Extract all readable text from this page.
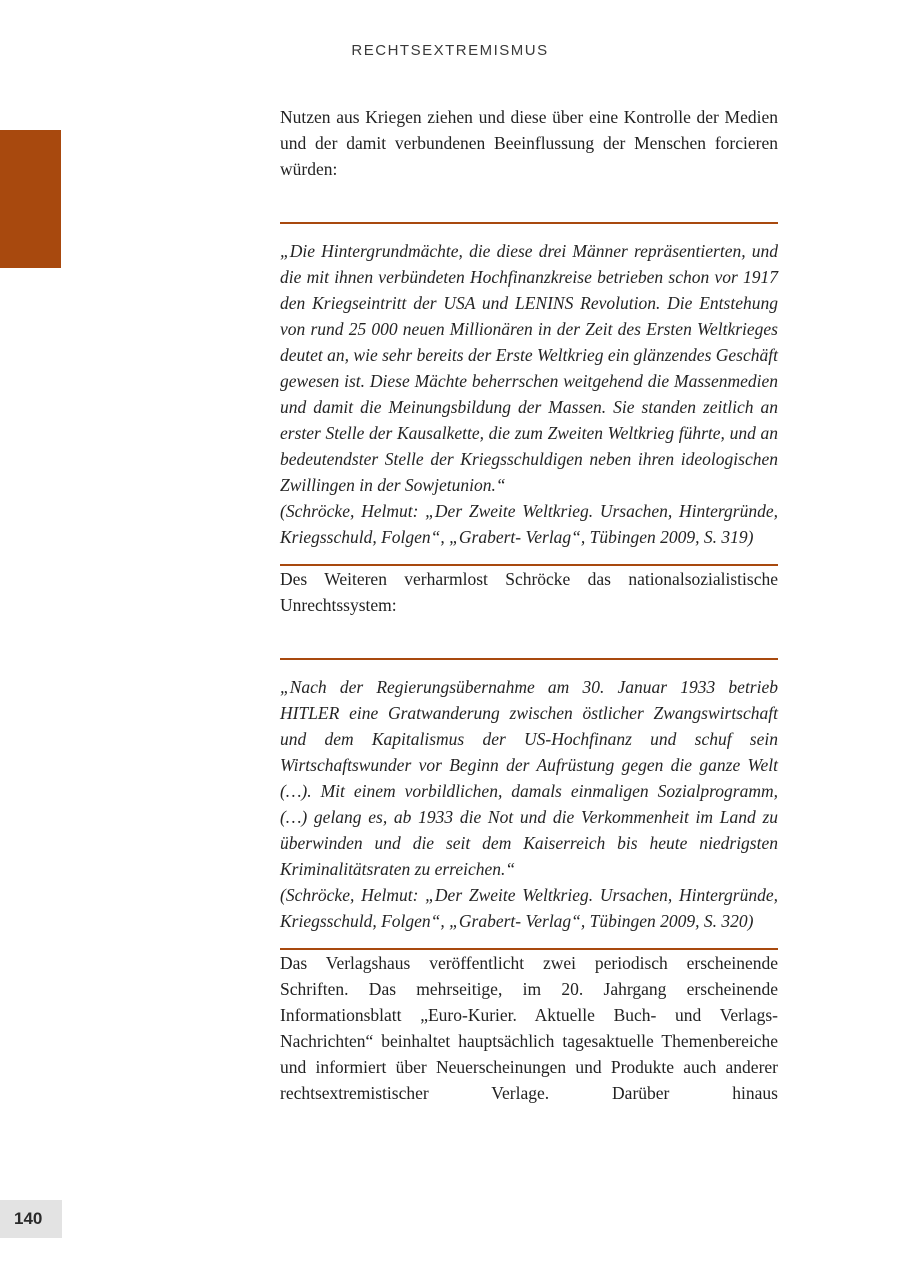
RECHTSEXTREMISMUS

Nutzen aus Kriegen ziehen und diese über eine Kontrolle der Medien und der damit verbundenen Beeinflussung der Menschen forcieren würden:

„Die Hintergrundmächte, die diese drei Männer repräsentierten, und die mit ihnen verbündeten Hochfinanzkreise betrieben schon vor 1917 den Kriegseintritt der USA und LENINS Revolution. Die Entstehung von rund 25 000 neuen Millionären in der Zeit des Ersten Weltkrieges deutet an, wie sehr bereits der Erste Weltkrieg ein glänzendes Geschäft gewesen ist. Diese Mächte beherrschen weitgehend die Massenmedien und damit die Meinungsbildung der Massen. Sie standen zeitlich an erster Stelle der Kausalkette, die zum Zweiten Weltkrieg führte, und an bedeutendster Stelle der Kriegsschuldigen neben ihren ideologischen Zwillingen in der Sowjetunion.“

(Schröcke, Helmut: „Der Zweite Weltkrieg. Ursachen, Hintergründe, Kriegsschuld, Folgen“, „Grabert- Verlag“, Tübingen 2009, S. 319)

Des Weiteren verharmlost Schröcke das nationalsozialistische Unrechtssystem:

„Nach der Regierungsübernahme am 30. Januar 1933 betrieb HITLER eine Gratwanderung zwischen östlicher Zwangswirtschaft und dem Kapitalismus der US-Hochfinanz und schuf sein Wirtschaftswunder vor Beginn der Aufrüstung gegen die ganze Welt (…). Mit einem vorbildlichen, damals einmaligen Sozialprogramm, (…) gelang es, ab 1933 die Not und die Verkommenheit im Land zu überwinden und die seit dem Kaiserreich bis heute niedrigsten Kriminalitätsraten zu erreichen.“

(Schröcke, Helmut: „Der Zweite Weltkrieg. Ursachen, Hintergründe, Kriegsschuld, Folgen“, „Grabert- Verlag“, Tübingen 2009, S. 320)

Das Verlagshaus veröffentlicht zwei periodisch erscheinende Schriften. Das mehrseitige, im 20. Jahrgang erscheinende Informationsblatt „Euro-Kurier. Aktuelle Buch- und Verlags-Nachrichten“ beinhaltet hauptsächlich tagesaktuelle Themenbereiche und informiert über Neuerscheinungen und Produkte auch anderer rechtsextremistischer Verlage. Darüber hinaus

140
